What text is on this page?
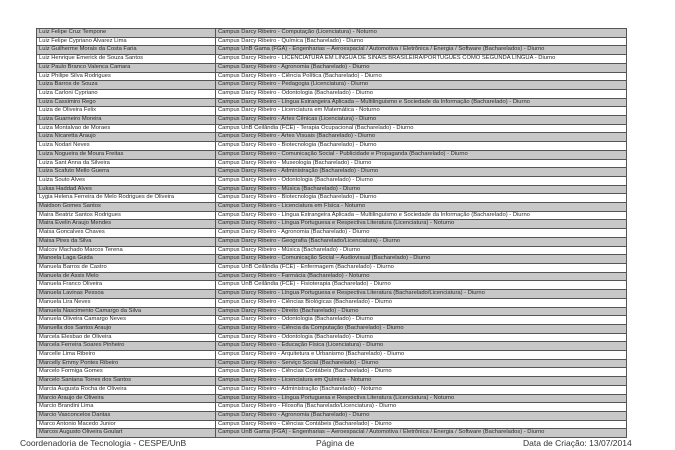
Luiz Felipe Cruz Tempone	Campus Darcy Ribeiro - Computação (Licenciatura) - Noturno
Luiz Felipe Cypriano Alvarez Lima	Campus Darcy Ribeiro - Química (Bacharelado) - Diurno
Luiz Guilherme Morais da Costa Faria	Campus UnB Gama (FGA) - Engenharias – Aeroespacial / Automotiva / Eletrônica / Energia / Software (Bacharelados) - Diurno
Luiz Henrique Emerick de Souza Santos	Campus Darcy Ribeiro - LICENCIATURA EM LÍNGUA DE SINAIS BRASILEIRA/PORTUGUÊS COMO SEGUNDA LÍNGUA - Diurno
Luiz Paulo Branco Valenca Camara	Campus Darcy Ribeiro - Agronomia (Bacharelado) - Diurno
Luiz Philipe Silva Rodrigues	Campus Darcy Ribeiro - Ciência Política (Bacharelado) - Diurno
Luiza Barros de Souza	Campus Darcy Ribeiro - Pedagogia (Licenciatura) - Diurno
Luiza Carloni Cypriano	Campus Darcy Ribeiro - Odontologia (Bacharelado) - Diurno
Luiza Cassimiro Rego	Campus Darcy Ribeiro - Língua Estrangeira Aplicada – Multilinguismo e Sociedade da Informação (Bacharelado) - Diurno
Luiza de Oliveira Felix	Campus Darcy Ribeiro - Licenciatura em Matemática - Noturno
Luiza Guarneiro Moreira	Campus Darcy Ribeiro - Artes Cênicas (Licenciatura) - Diurno
Luiza Montalvao de Moraes	Campus UnB Ceilândia (FCE) - Terapia Ocupacional (Bacharelado) - Diurno
Luiza Nicaretta Araujo	Campus Darcy Ribeiro - Artes Visuais (Bacharelado) - Diurno
Luiza Nodari Neves	Campus Darcy Ribeiro - Biotecnologia (Bacharelado) - Diurno
Luiza Nogueira de Moura Freitas	Campus Darcy Ribeiro - Comunicação Social - Publicidade e Propaganda (Bacharelado) - Diurno
Luiza Sant Anna da Silveira	Campus Darcy Ribeiro - Museologia (Bacharelado) - Diurno
Luiza Scafuto Mello Guerra	Campus Darcy Ribeiro - Administração (Bacharelado) - Diurno
Luiza Souto Alves	Campus Darcy Ribeiro - Odontologia (Bacharelado) - Diurno
Lukas Haddad Alves	Campus Darcy Ribeiro - Música (Bacharelado) - Diurno
Lygia Helena Ferreira de Melo Rodrigues de Oliveira	Campus Darcy Ribeiro - Biotecnologia (Bacharelado) - Diurno
Maidson Gomes Santos	Campus Darcy Ribeiro - Licenciatura em Física - Noturno
Maira Beatriz Santos Rodrigues	Campus Darcy Ribeiro - Língua Estrangeira Aplicada – Multilinguismo e Sociedade da Informação (Bacharelado) - Diurno
Maira Evelin Araujo Mendes	Campus Darcy Ribeiro - Língua Portuguesa e Respectiva Literatura (Licenciatura) - Noturno
Maisa Goncalves Chaves	Campus Darcy Ribeiro - Agronomia (Bacharelado) - Diurno
Maisa Pires da Silva	Campus Darcy Ribeiro - Geografia (Bacharelado/Licenciatura) - Diurno
Malcov Machado Marcos Terena	Campus Darcy Ribeiro - Música (Bacharelado) - Diurno
Manoela Laga Guida	Campus Darcy Ribeiro - Comunicação Social – Audiovisual (Bacharelado) - Diurno
Manuela Barros de Castro	Campus UnB Ceilândia (FCE) - Enfermagem (Bacharelado) - Diurno
Manuela de Assis Melo	Campus Darcy Ribeiro - Farmácia (Bacharelado) - Noturno
Manuela Franco Oliveira	Campus UnB Ceilândia (FCE) - Fisioterapia (Bacharelado) - Diurno
Manuela Lavinas Pessoa	Campus Darcy Ribeiro - Língua Portuguesa e Respectiva Literatura (Bacharelado/Licenciatura) - Diurno
Manuela Lira Neves	Campus Darcy Ribeiro - Ciências Biológicas (Bacharelado) - Diurno
Manuela Nascimento Camargo da Silva	Campus Darcy Ribeiro - Direito (Bacharelado) - Diurno
Manuela Oliveira Camargo Neves	Campus Darcy Ribeiro - Odontologia (Bacharelado) - Diurno
Manuella dos Santos Araujo	Campus Darcy Ribeiro - Ciência da Computação (Bacharelado) - Diurno
Marcela Elesbao de Oliveira	Campus Darcy Ribeiro - Odontologia (Bacharelado) - Diurno
Marcela Ferreira Soares Pinheiro	Campus Darcy Ribeiro - Educação Física (Licenciatura) - Diurno
Marcelle Lima Ribeiro	Campus Darcy Ribeiro - Arquitetura e Urbanismo (Bacharelado) - Diurno
Marcelly Emmy Pontes Ribeiro	Campus Darcy Ribeiro - Serviço Social (Bacharelado) - Diurno
Marcelo Formiga Gomes	Campus Darcy Ribeiro - Ciências Contábeis (Bacharelado) - Diurno
Marcelo Santana Torres dos Santos	Campus Darcy Ribeiro - Licenciatura em Química - Noturno
Marcia Augusta Rocha de Oliveira	Campus Darcy Ribeiro - Administração (Bacharelado) - Noturno
Marcio Araujo de Oliveira	Campus Darcy Ribeiro - Língua Portuguesa e Respectiva Literatura (Licenciatura) - Noturno
Marcio Brandini Lima	Campus Darcy Ribeiro - Filosofia (Bacharelado/Licenciatura) - Diurno
Marcio Vasconcelos Dantas	Campus Darcy Ribeiro - Agronomia (Bacharelado) - Diurno
Marco Antonio Macedo Junior	Campus Darcy Ribeiro - Ciências Contábeis (Bacharelado) - Diurno
Marcos Augusto Oliveira Goulart	Campus UnB Gama (FGA) - Engenharias – Aeroespacial / Automotiva / Eletrônica / Energia / Software (Bacharelados) - Diurno
Coordenadoria de Tecnologia - CESPE/UnB	Página de	Data de Criação: 13/07/2014
